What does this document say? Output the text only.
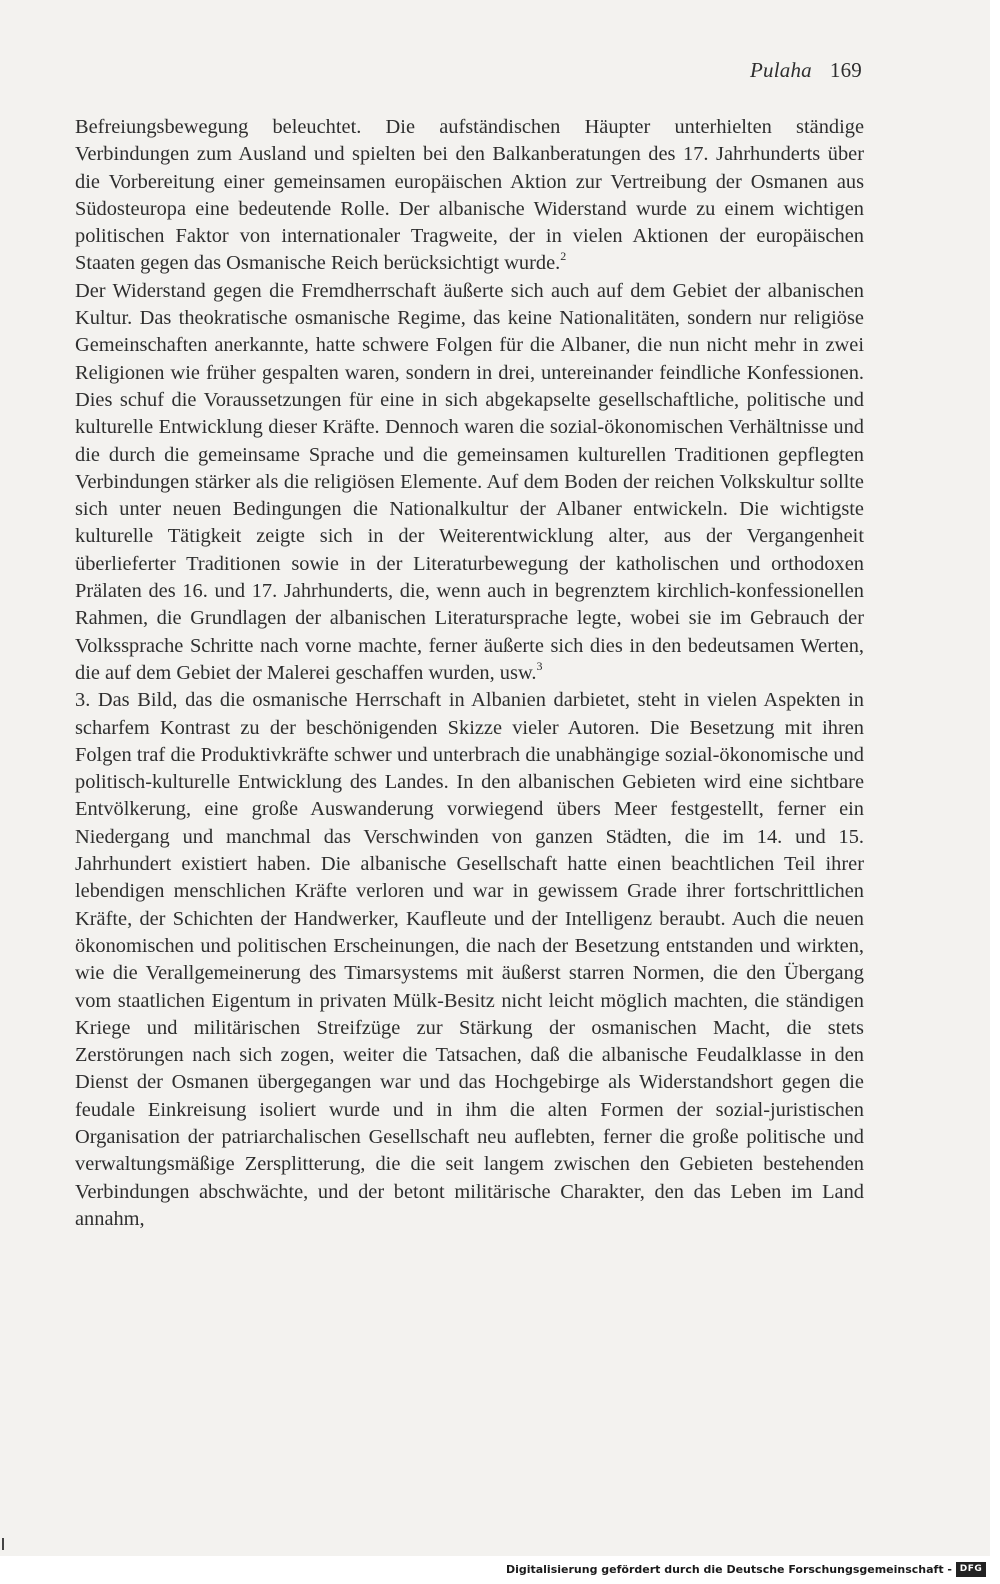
Pulaha 169

Befreiungsbewegung beleuchtet. Die aufständischen Häupter unterhielten ständige Verbindungen zum Ausland und spielten bei den Balkanberatungen des 17. Jahrhunderts über die Vorbereitung einer gemeinsamen europäischen Aktion zur Vertreibung der Osmanen aus Südosteuropa eine bedeutende Rolle. Der albanische Widerstand wurde zu einem wichtigen politischen Faktor von internationaler Tragweite, der in vielen Aktionen der europäischen Staaten gegen das Osmanische Reich berücksichtigt wurde.$^2$

Der Widerstand gegen die Fremdherrschaft äußerte sich auch auf dem Gebiet der albanischen Kultur. Das theokratische osmanische Regime, das keine Nationalitäten, sondern nur religiöse Gemeinschaften anerkannte, hatte schwere Folgen für die Albaner, die nun nicht mehr in zwei Religionen wie früher gespalten waren, sondern in drei, untereinander feindliche Konfessionen. Dies schuf die Voraussetzungen für eine in sich abgekapselte gesellschaftliche, politische und kulturelle Entwicklung dieser Kräfte. Dennoch waren die sozial-ökonomischen Verhältnisse und die durch die gemeinsame Sprache und die gemeinsamen kulturellen Traditionen gepflegten Verbindungen stärker als die religiösen Elemente. Auf dem Boden der reichen Volkskultur sollte sich unter neuen Bedingungen die Nationalkultur der Albaner entwickeln. Die wichtigste kulturelle Tätigkeit zeigte sich in der Weiterentwicklung alter, aus der Vergangenheit überlieferter Traditionen sowie in der Literaturbewegung der katholischen und orthodoxen Prälaten des 16. und 17. Jahrhunderts, die, wenn auch in begrenztem kirchlich-konfessionellen Rahmen, die Grundlagen der albanischen Literatursprache legte, wobei sie im Gebrauch der Volkssprache Schritte nach vorne machte, ferner äußerte sich dies in den bedeutsamen Werten, die auf dem Gebiet der Malerei geschaffen wurden, usw.$^3$

3. Das Bild, das die osmanische Herrschaft in Albanien darbietet, steht in vielen Aspekten in scharfem Kontrast zu der beschönigenden Skizze vieler Autoren. Die Besetzung mit ihren Folgen traf die Produktivkräfte schwer und unterbrach die unabhängige sozial-ökonomische und politisch-kulturelle Entwicklung des Landes. In den albanischen Gebieten wird eine sichtbare Entvölkerung, eine große Auswanderung vorwiegend übers Meer festgestellt, ferner ein Niedergang und manchmal das Verschwinden von ganzen Städten, die im 14. und 15. Jahrhundert existiert haben. Die albanische Gesellschaft hatte einen beachtlichen Teil ihrer lebendigen menschlichen Kräfte verloren und war in gewissem Grade ihrer fortschrittlichen Kräfte, der Schichten der Handwerker, Kaufleute und der Intelligenz beraubt. Auch die neuen ökonomischen und politischen Erscheinungen, die nach der Besetzung entstanden und wirkten, wie die Verallgemeinerung des Timarsystems mit äußerst starren Normen, die den Übergang vom staatlichen Eigentum in privaten Mülk-Besitz nicht leicht möglich machten, die ständigen Kriege und militärischen Streifzüge zur Stärkung der osmanischen Macht, die stets Zerstörungen nach sich zogen, weiter die Tatsachen, daß die albanische Feudalklasse in den Dienst der Osmanen übergegangen war und das Hochgebirge als Widerstandshort gegen die feudale Einkreisung isoliert wurde und in ihm die alten Formen der sozial-juristischen Organisation der patriarchalischen Gesellschaft neu auflebten, ferner die große politische und verwaltungsmäßige Zersplitterung, die die seit langem zwischen den Gebieten bestehenden Verbindungen abschwächte, und der betont militärische Charakter, den das Leben im Land annahm,

Digitalisierung gefördert durch die Deutsche Forschungsgemeinschaft - DFG
